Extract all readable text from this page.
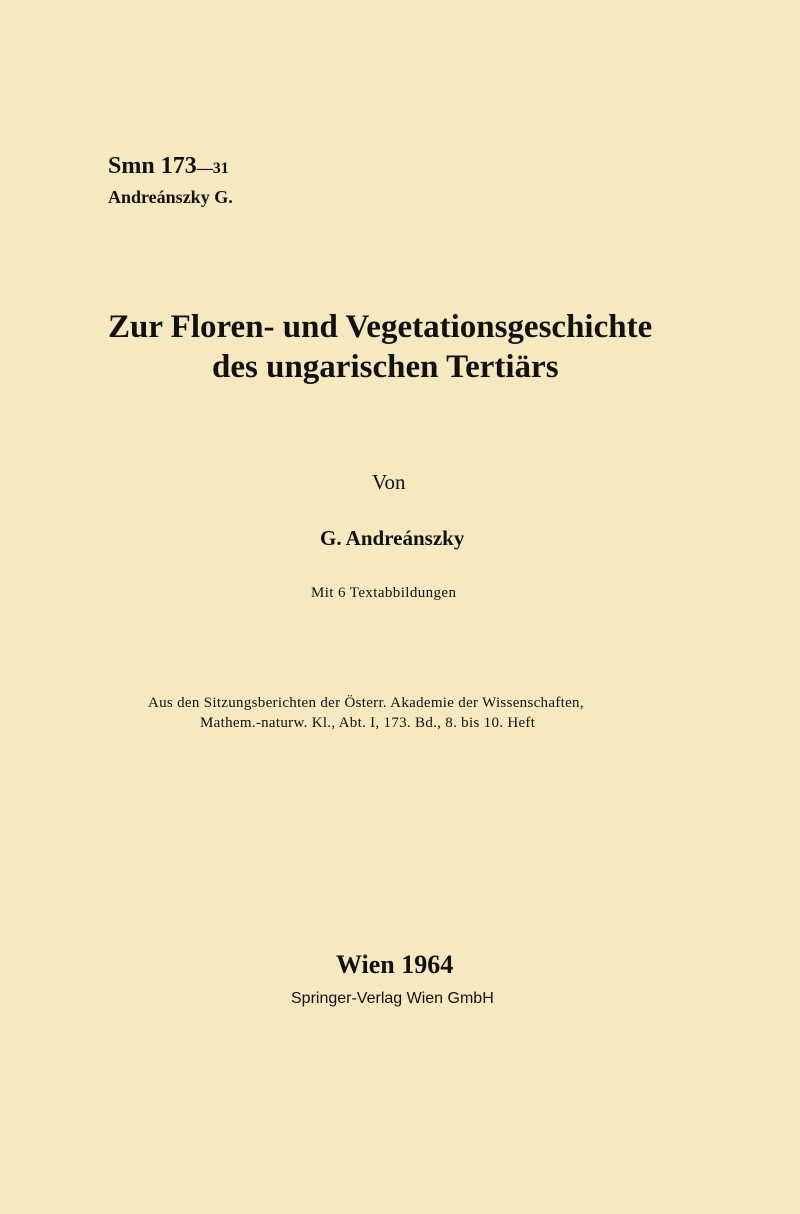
Smn 173—31
Andreánszky G.
Zur Floren- und Vegetationsgeschichte
des ungarischen Tertiärs
Von
G. Andreánszky
Mit 6 Textabbildungen
Aus den Sitzungsberichten der Österr. Akademie der Wissenschaften,
Mathem.-naturw. Kl., Abt. I, 173. Bd., 8. bis 10. Heft
Wien 1964
Springer-Verlag Wien GmbH
